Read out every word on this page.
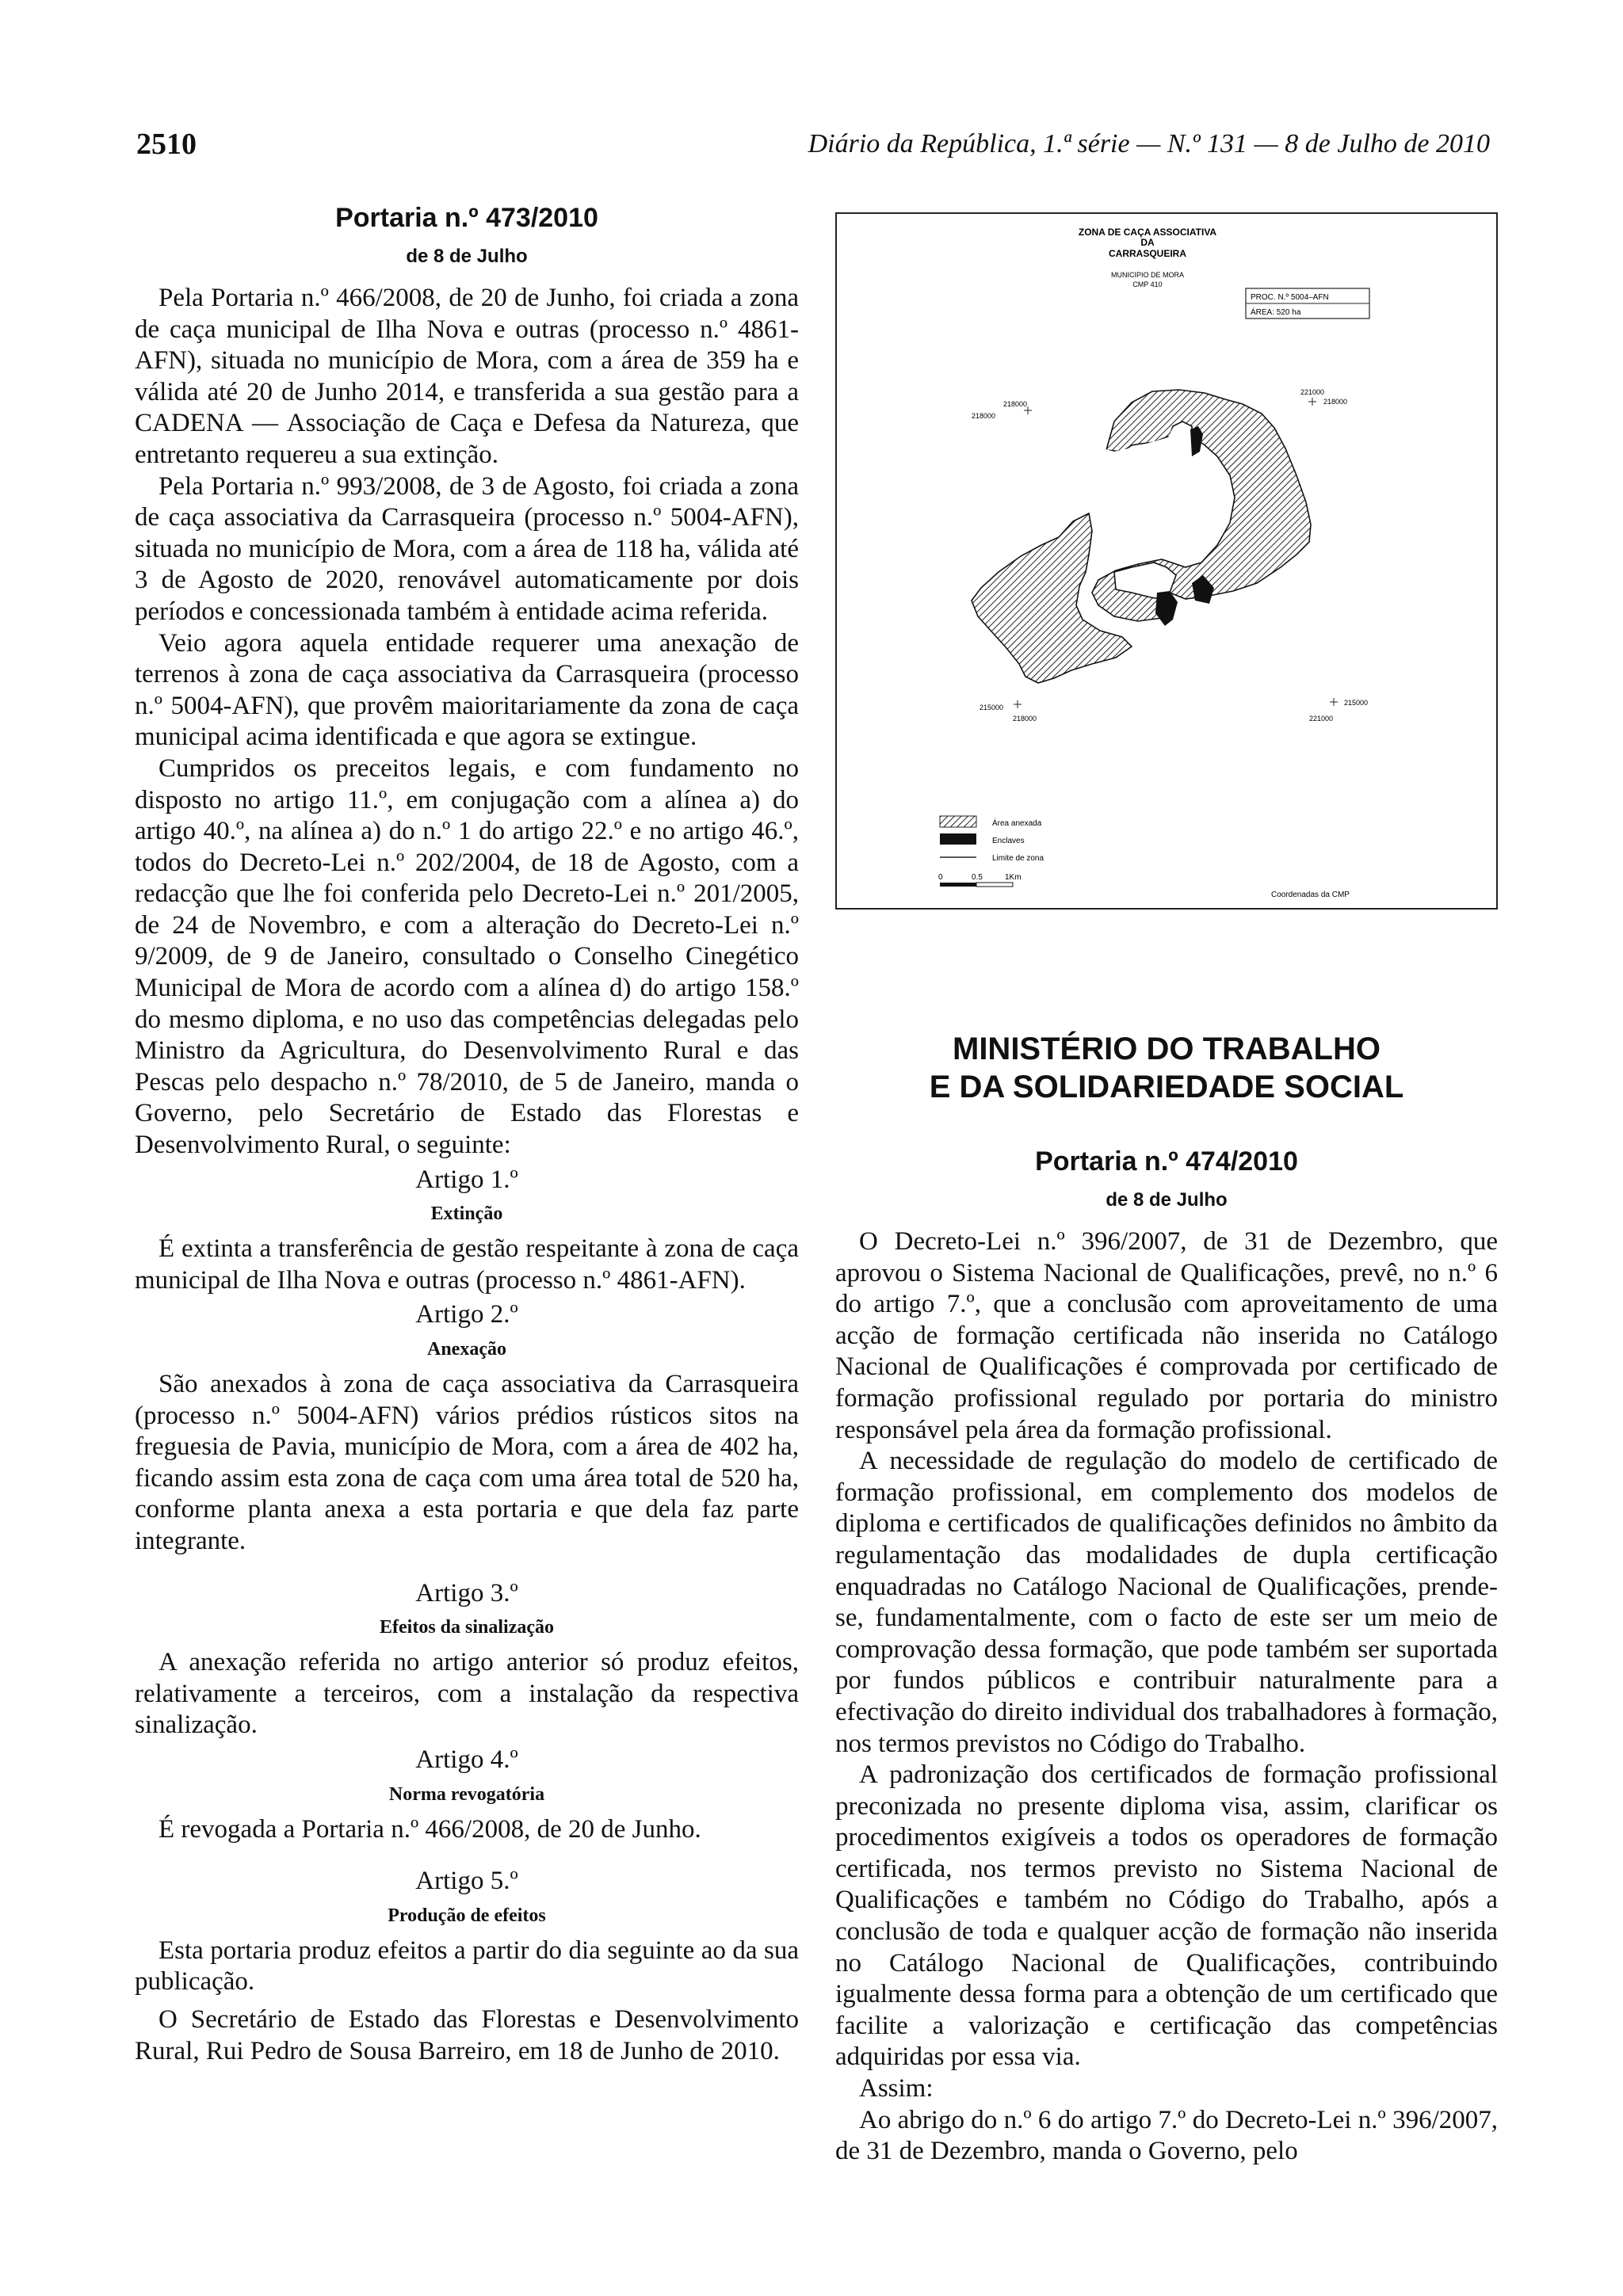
2510	Diário da República, 1.ª série — N.º 131 — 8 de Julho de 2010
Portaria n.º 473/2010
de 8 de Julho

Pela Portaria n.º 466/2008, de 20 de Junho, foi criada a zona de caça municipal de Ilha Nova e outras (processo n.º 4861-AFN), situada no município de Mora, com a área de 359 ha e válida até 20 de Junho 2014, e transferida a sua gestão para a CADENA — Associação de Caça e Defesa da Natureza, que entretanto requereu a sua extinção.

Pela Portaria n.º 993/2008, de 3 de Agosto, foi criada a zona de caça associativa da Carrasqueira (processo n.º 5004-AFN), situada no município de Mora, com a área de 118 ha, válida até 3 de Agosto de 2020, renovável automaticamente por dois períodos e concessionada também à entidade acima referida.

Veio agora aquela entidade requerer uma anexação de terrenos à zona de caça associativa da Carrasqueira (processo n.º 5004-AFN), que provêm maioritariamente da zona de caça municipal acima identificada e que agora se extingue.

Cumpridos os preceitos legais, e com fundamento no disposto no artigo 11.º, em conjugação com a alínea a) do artigo 40.º, na alínea a) do n.º 1 do artigo 22.º e no artigo 46.º, todos do Decreto-Lei n.º 202/2004, de 18 de Agosto, com a redacção que lhe foi conferida pelo Decreto-Lei n.º 201/2005, de 24 de Novembro, e com a alteração do Decreto-Lei n.º 9/2009, de 9 de Janeiro, consultado o Conselho Cinegético Municipal de Mora de acordo com a alínea d) do artigo 158.º do mesmo diploma, e no uso das competências delegadas pelo Ministro da Agricultura, do Desenvolvimento Rural e das Pescas pelo despacho n.º 78/2010, de 5 de Janeiro, manda o Governo, pelo Secretário de Estado das Florestas e Desenvolvimento Rural, o seguinte:

Artigo 1.º
Extinção

É extinta a transferência de gestão respeitante à zona de caça municipal de Ilha Nova e outras (processo n.º 4861-AFN).

Artigo 2.º
Anexação

São anexados à zona de caça associativa da Carrasqueira (processo n.º 5004-AFN) vários prédios rústicos sitos na freguesia de Pavia, município de Mora, com a área de 402 ha, ficando assim esta zona de caça com uma área total de 520 ha, conforme planta anexa a esta portaria e que dela faz parte integrante.

Artigo 3.º
Efeitos da sinalização

A anexação referida no artigo anterior só produz efeitos, relativamente a terceiros, com a instalação da respectiva sinalização.

Artigo 4.º
Norma revogatória

É revogada a Portaria n.º 466/2008, de 20 de Junho.

Artigo 5.º
Produção de efeitos

Esta portaria produz efeitos a partir do dia seguinte ao da sua publicação.

O Secretário de Estado das Florestas e Desenvolvimento Rural, Rui Pedro de Sousa Barreiro, em 18 de Junho de 2010.

ZONA DE CAÇA ASSOCIATIVA
DA
CARRASQUEIRA
MUNICIPIO DE MORA
CMP 410
PROC. N.º 5004–AFN
ÁREA: 520 ha
218000
218000
221000
218000
215000
218000
215000
221000
Área anexada
Enclaves
Limite de zona
0	0.5	1Km
Coordenadas da CMP
MINISTÉRIO DO TRABALHO
E DA SOLIDARIEDADE SOCIAL
Portaria n.º 474/2010
de 8 de Julho

O Decreto-Lei n.º 396/2007, de 31 de Dezembro, que aprovou o Sistema Nacional de Qualificações, prevê, no n.º 6 do artigo 7.º, que a conclusão com aproveitamento de uma acção de formação certificada não inserida no Catálogo Nacional de Qualificações é comprovada por certificado de formação profissional regulado por portaria do ministro responsável pela área da formação profissional.

A necessidade de regulação do modelo de certificado de formação profissional, em complemento dos modelos de diploma e certificados de qualificações definidos no âmbito da regulamentação das modalidades de dupla certificação enquadradas no Catálogo Nacional de Qualificações, prende-se, fundamentalmente, com o facto de este ser um meio de comprovação dessa formação, que pode também ser suportada por fundos públicos e contribuir naturalmente para a efectivação do direito individual dos trabalhadores à formação, nos termos previstos no Código do Trabalho.

A padronização dos certificados de formação profissional preconizada no presente diploma visa, assim, clarificar os procedimentos exigíveis a todos os operadores de formação certificada, nos termos previsto no Sistema Nacional de Qualificações e também no Código do Trabalho, após a conclusão de toda e qualquer acção de formação não inserida no Catálogo Nacional de Qualificações, contribuindo igualmente dessa forma para a obtenção de um certificado que facilite a valorização e certificação das competências adquiridas por essa via.

Assim:

Ao abrigo do n.º 6 do artigo 7.º do Decreto-Lei n.º 396/2007, de 31 de Dezembro, manda o Governo, pelo
